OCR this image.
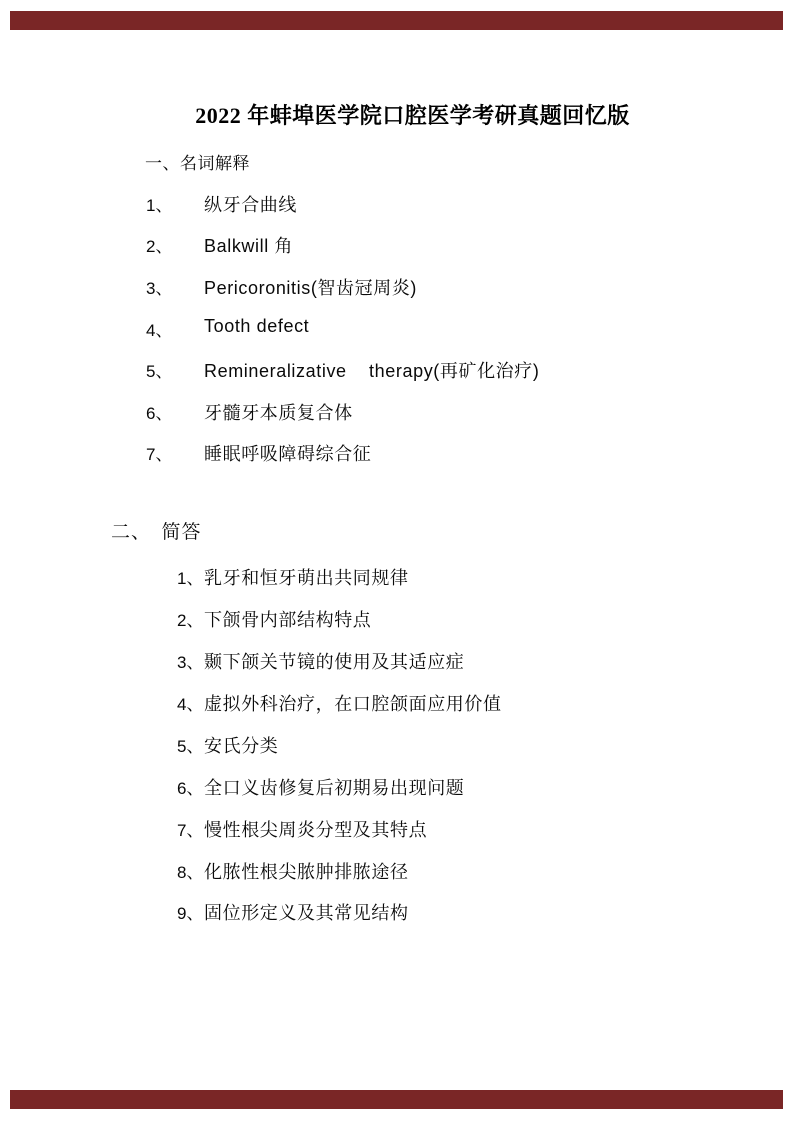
2022 年蚌埠医学院口腔医学考研真题回忆版
一、名词解释
1、 纵牙合曲线
2、 Balkwill 角
3、 Pericoronitis(智齿冠周炎)
4、 Tooth defect
5、 Remineralizative    therapy(再矿化治疗)
6、 牙髓牙本质复合体
7、 睡眠呼吸障碍综合征
二、　简答
1、 乳牙和恒牙萌出共同规律
2、 下颌骨内部结构特点
3、 颞下颌关节镜的使用及其适应症
4、 虚拟外科治疗，在口腔颌面应用价值
5、 安氏分类
6、 全口义齿修复后初期易出现问题
7、 慢性根尖周炎分型及其特点
8、 化脓性根尖脓肿排脓途径
9、 固位形定义及其常见结构
